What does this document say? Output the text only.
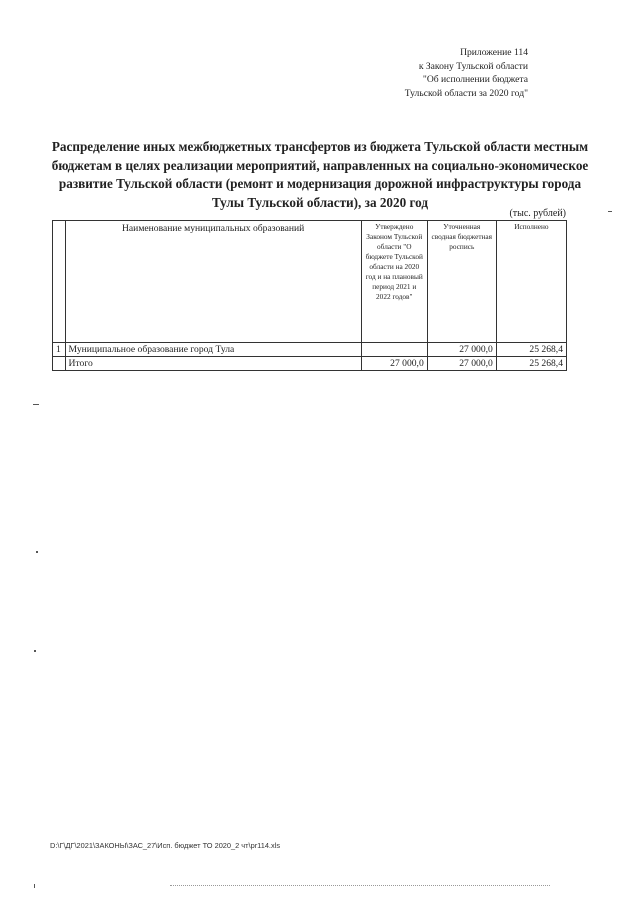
Приложение 114
к Закону Тульской области
"Об исполнении бюджета
Тульской области за 2020 год"
Распределение иных межбюджетных трансфертов из бюджета Тульской области местным бюджетам в целях реализации мероприятий, направленных на социально-экономическое развитие Тульской области (ремонт и модернизация дорожной инфраструктуры города Тулы Тульской области), за 2020 год
(тыс. рублей)
	Наименование муниципальных образований	Утверждено Законом Тульской области "О бюджете Тульской области на 2020 год и на плановый период 2021 и 2022 годов"	Уточненная сводная бюджетная роспись	Исполнено
1	Муниципальное образование город Тула		27 000,0	25 268,4
	Итого	27 000,0	27 000,0	25 268,4
D:\Г\ДГ\2021\ЗАКОНЫ\ЗАС_27\Исп. бюджет ТО 2020_2 чт\pr114.xls
